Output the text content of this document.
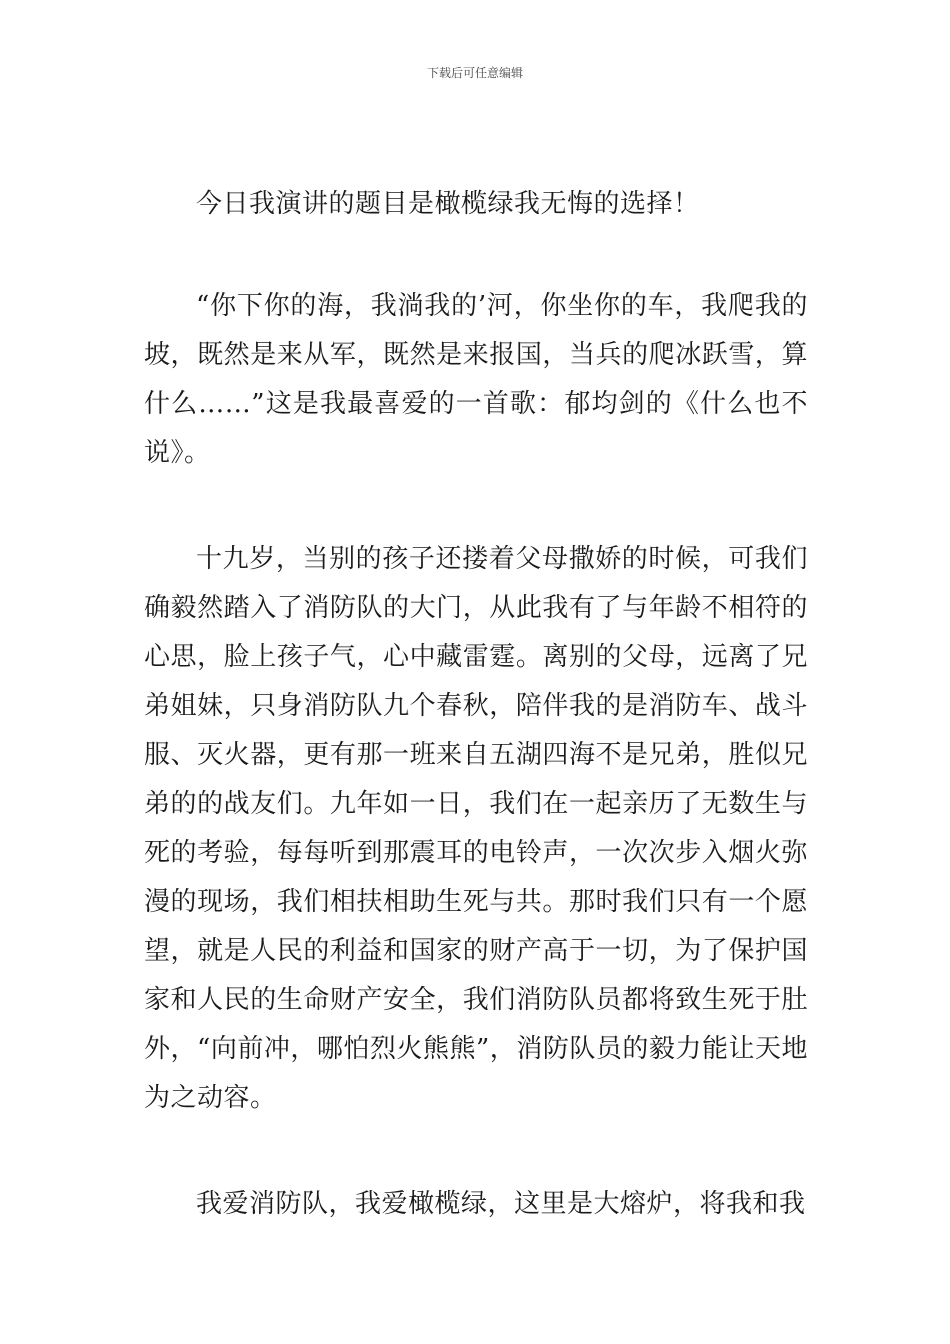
下载后可任意编辑

今日我演讲的题目是橄榄绿我无悔的选择！

“你下你的海，我淌我的’河，你坐你的车，我爬我的坡，既然是来从军，既然是来报国，当兵的爬冰跃雪，算什么……”这是我最喜爱的一首歌：郁均剑的《什么也不说》。

十九岁，当别的孩子还搂着父母撒娇的时候，可我们确毅然踏入了消防队的大门，从此我有了与年龄不相符的心思，脸上孩子气，心中藏雷霆。离别的父母，远离了兄弟姐妹，只身消防队九个春秋，陪伴我的是消防车、战斗服、灭火器，更有那一班来自五湖四海不是兄弟，胜似兄弟的的战友们。九年如一日，我们在一起亲历了无数生与死的考验，每每听到那震耳的电铃声，一次次步入烟火弥漫的现场，我们相扶相助生死与共。那时我们只有一个愿望，就是人民的利益和国家的财产高于一切，为了保护国家和人民的生命财产安全，我们消防队员都将致生死于肚外，“向前冲，哪怕烈火熊熊”，消防队员的毅力能让天地为之动容。

我爱消防队，我爱橄榄绿，这里是大熔炉，将我和我
